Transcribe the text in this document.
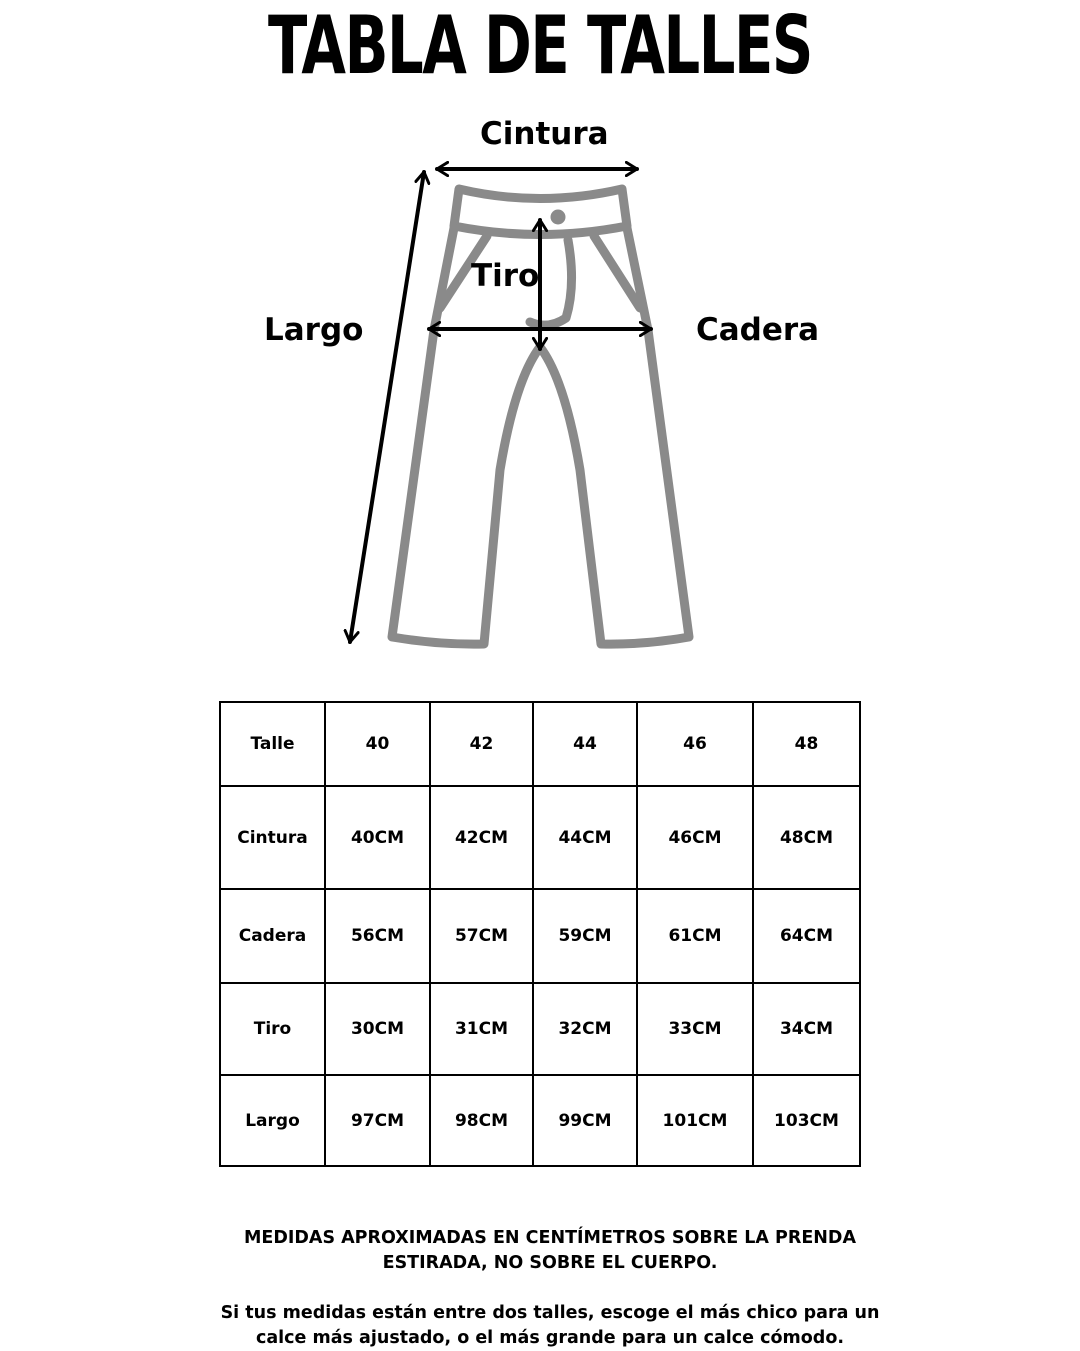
TABLA DE TALLES
Cintura
Tiro
Largo	Cadera
Talle	40	42	44	46	48
Cintura	40CM	42CM	44CM	46CM	48CM
Cadera	56CM	57CM	59CM	61CM	64CM
Tiro	30CM	31CM	32CM	33CM	34CM
Largo	97CM	98CM	99CM	101CM	103CM
MEDIDAS APROXIMADAS EN CENTÍMETROS SOBRE LA PRENDA ESTIRADA, NO SOBRE EL CUERPO.
Si tus medidas están entre dos talles, escoge el más chico para un calce más ajustado, o el más grande para un calce cómodo.
